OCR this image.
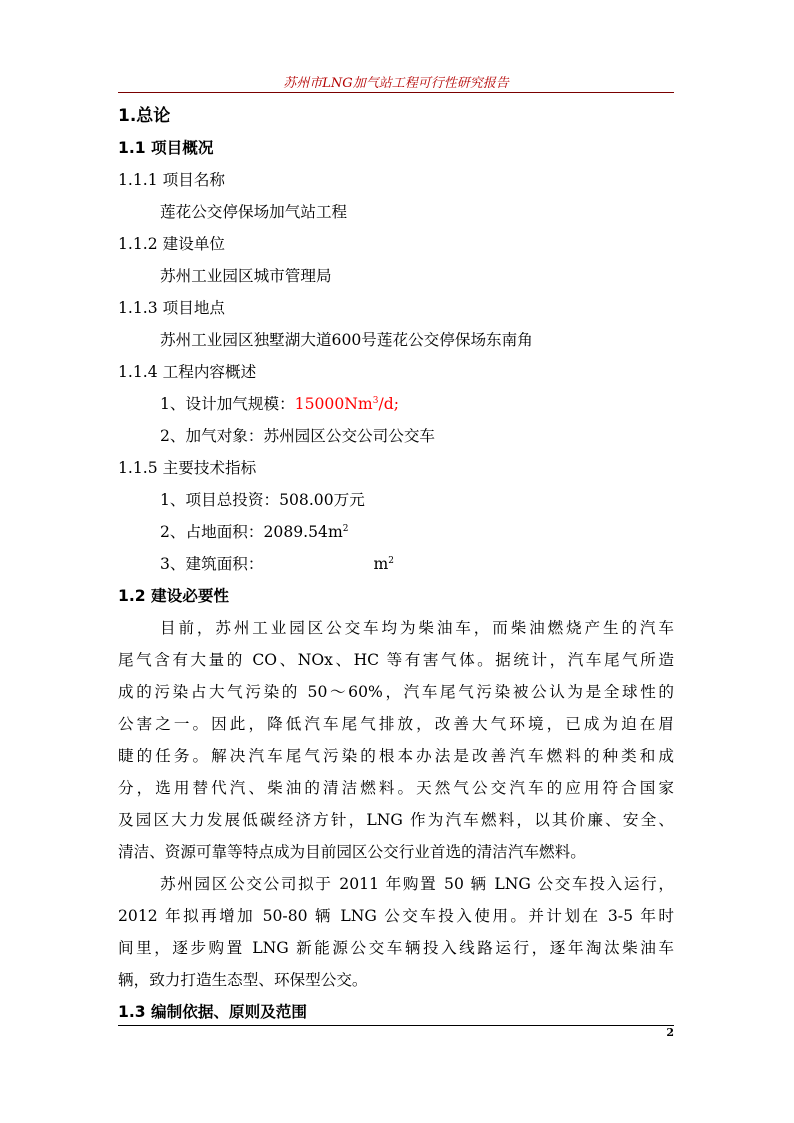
苏州市LNG加气站工程可行性研究报告
1.总论
1.1 项目概况
1.1.1 项目名称
莲花公交停保场加气站工程
1.1.2 建设单位
苏州工业园区城市管理局
1.1.3 项目地点
苏州工业园区独墅湖大道600号莲花公交停保场东南角
1.1.4 工程内容概述
1、设计加气规模：15000Nm$^3$/d;
2、加气对象：苏州园区公交公司公交车
1.1.5 主要技术指标
1、项目总投资：508.00万元
2、占地面积：$2089.54m^2$
3、建筑面积：	$m^2$
1.2 建设必要性
目前，苏州工业园区公交车均为柴油车，而柴油燃烧产生的汽车
尾气含有大量的 CO、NOx、HC 等有害气体。据统计，汽车尾气所造
成的污染占大气污染的 50～60%，汽车尾气污染被公认为是全球性的
公害之一。因此，降低汽车尾气排放，改善大气环境，已成为迫在眉
睫的任务。解决汽车尾气污染的根本办法是改善汽车燃料的种类和成
分，选用替代汽、柴油的清洁燃料。天然气公交汽车的应用符合国家
及园区大力发展低碳经济方针，LNG 作为汽车燃料，以其价廉、安全、
清洁、资源可靠等特点成为目前园区公交行业首选的清洁汽车燃料。
苏州园区公交公司拟于 2011 年购置 50 辆 LNG 公交车投入运行，
2012 年拟再增加 50-80 辆 LNG 公交车投入使用。并计划在 3-5 年时
间里，逐步购置 LNG 新能源公交车辆投入线路运行，逐年淘汰柴油车
辆，致力打造生态型、环保型公交。
1.3 编制依据、原则及范围
2
